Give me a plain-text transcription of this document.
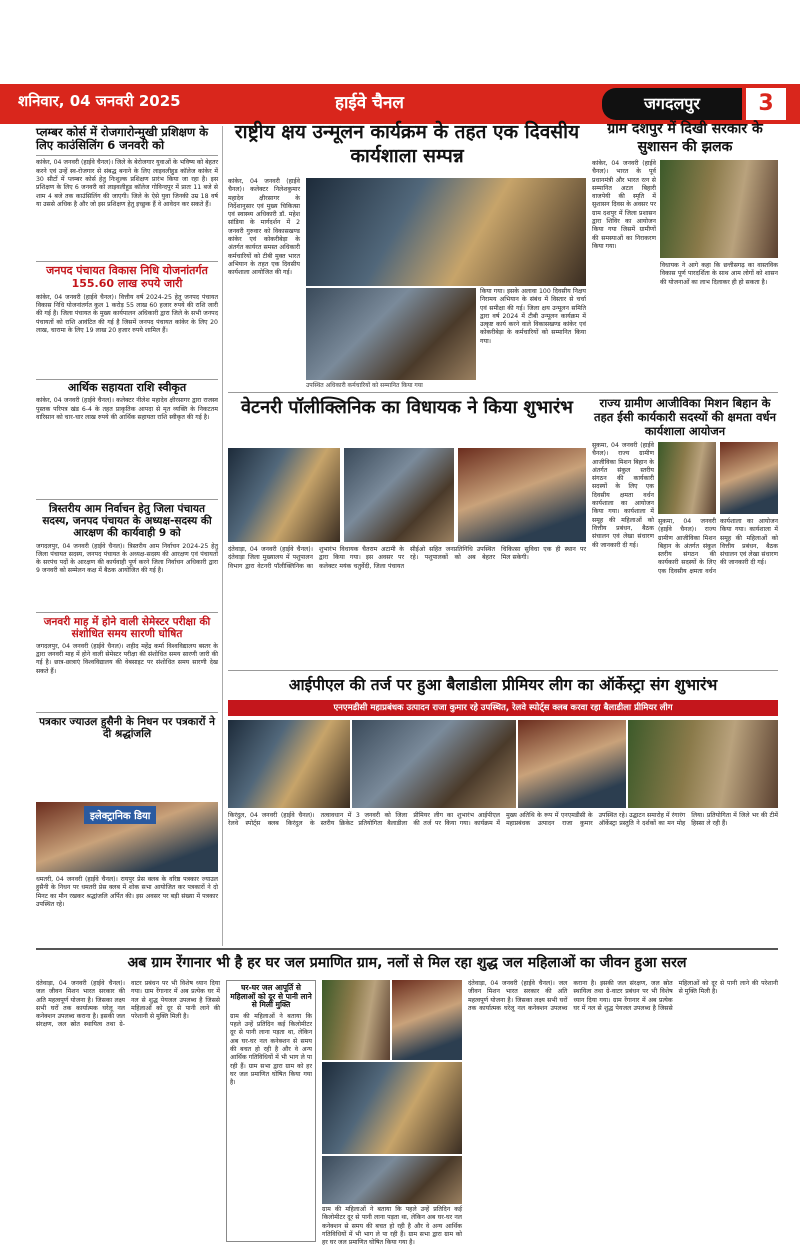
शनिवार, 04 जनवरी 2025	हाईवे चैनल	जगदलपुर	3
प्लम्बर कोर्स में रोजगारोन्मुखी प्रशिक्षण के लिए काउंसिलिंग 6 जनवरी को
कांकेर, 04 जनवरी (हाईवे चैनल)। जिले के बेरोजगार युवाओं के भविष्य को बेहतर करने एवं उन्हें स्व-रोजगार से संबद्ध बनाने के लिए लाइवलीहुड कॉलेज कांकेर में 30 सीटों में प्लम्बर कोर्स हेतु निःशुल्क प्रशिक्षण प्रारंभ किया जा रहा है। इस प्रशिक्षण के लिए 6 जनवरी को लाइवलीहुड कॉलेज गोविन्दपुर में प्रातः 11 बजे से शाम 4 बजे तक काउंसिलिंग की जाएगी। जिले के ऐसे युवा जिनकी उम्र 18 वर्ष या उससे अधिक है और जो इस प्रशिक्षण हेतु इच्छुक हैं वे आवेदन कर सकते हैं।
जनपद पंचायत विकास निधि योजनांतर्गत 155.60 लाख रुपये जारी
कांकेर, 04 जनवरी (हाईवे चैनल)। वित्तीय वर्ष 2024-25 हेतु जनपद पंचायत विकास निधि योजनांतर्गत कुल 1 करोड़ 55 लाख 60 हजार रुपये की राशि जारी की गई है। जिला पंचायत के मुख्य कार्यपालन अधिकारी द्वारा जिले के सभी जनपद पंचायतों को राशि आवंटित की गई है जिसमें जनपद पंचायत कांकेर के लिए 20 लाख, चारामा के लिए 19 लाख 20 हजार रुपये शामिल हैं।
आर्थिक सहायता राशि स्वीकृत
कांकेर, 04 जनवरी (हाईवे चैनल)। कलेक्टर नीलेश महादेव क्षीरसागर द्वारा राजस्व पुस्तक परिपत्र खंड 6-4 के तहत प्राकृतिक आपदा से मृत व्यक्ति के निकटतम वारिसान को चार-चार लाख रुपये की आर्थिक सहायता राशि स्वीकृत की गई है।
त्रिस्तरीय आम निर्वाचन हेतु जिला पंचायत सदस्य, जनपद पंचायत के अध्यक्ष-सदस्य की आरक्षण की कार्यवाही 9 को
जगदलपुर, 04 जनवरी (हाईवे चैनल)। त्रिस्तरीय आम निर्वाचन 2024-25 हेतु जिला पंचायत सदस्य, जनपद पंचायत के अध्यक्ष-सदस्य की आरक्षण एवं पंचायतों के सरपंच पदों के आरक्षण की कार्यवाही पूर्ण करने जिला निर्वाचन अधिकारी द्वारा 9 जनवरी को सम्मेलन कक्ष में बैठक आयोजित की गई है।
जनवरी माह में होने वाली सेमेस्टर परीक्षा की संशोधित समय सारणी घोषित
जगदलपुर, 04 जनवरी (हाईवे चैनल)। शहीद महेंद्र कर्मा विश्वविद्यालय बस्तर के द्वारा जनवरी माह में होने वाली सेमेस्टर परीक्षा की संशोधित समय सारणी जारी की गई है। छात्र-छात्राएं विश्वविद्यालय की वेबसाइट पर संशोधित समय सारणी देख सकते हैं।
पत्रकार ज्याउल हुसैनी के निधन पर पत्रकारों ने दी श्रद्धांजलि
इलेक्ट्रानिक डिया
धमतरी, 04 जनवरी (हाईवे चैनल)। रायपुर प्रेस क्लब के वरिष्ठ पत्रकार ज्याउल हुसैनी के निधन पर धमतरी प्रेस क्लब में शोक सभा आयोजित कर पत्रकारों ने दो मिनट का मौन रखकर श्रद्धांजलि अर्पित की। इस अवसर पर बड़ी संख्या में पत्रकार उपस्थित रहे।
राष्ट्रीय क्षय उन्मूलन कार्यक्रम के तहत एक दिवसीय कार्यशाला सम्पन्न
कांकेर, 04 जनवरी (हाईवे चैनल)। कलेक्टर निलेशकुमार महादेव क्षीरसागर के निर्देशानुसार एवं मुख्य चिकित्सा एवं स्वास्थ्य अधिकारी डॉ. महेश सांडिया के मार्गदर्शन में 2 जनवरी गुरुवार को विकासखण्ड कांकेर एवं कोकरीबेड़ा के अंतर्गत कार्यरत समस्त अधिकारी कर्मचारियों को टीबी मुक्त भारत अभियान के तहत एक दिवसीय कार्यशाला आयोजित की गई।
किया गया। इसके अलावा 100 दिवसीय निक्षय निरामय अभियान के संबंध में विस्तार से चर्चा एवं समीक्षा की गई। जिला क्षय उन्मूलन समिति द्वारा वर्ष 2024 में टीबी उन्मूलन कार्यक्रम में उत्कृष्ट कार्य करने वाले विकासखण्ड कांकेर एवं कोकरीबेड़ा के कर्मचारियों को सम्मानित किया गया।
उपस्थित अधिकारी कर्मचारियों को सम्मानित किया गया
ग्राम दशपुर में दिखी सरकार के सुशासन की झलक
कांकेर, 04 जनवरी (हाईवे चैनल)। भारत के पूर्व प्रधानमंत्री और भारत रत्न से सम्मानित अटल बिहारी वाजपेयी की स्मृति में सुशासन दिवस के अवसर पर ग्राम दशपुर में जिला प्रशासन द्वारा शिविर का आयोजन किया गया जिसमें ग्रामीणों की समस्याओं का निराकरण किया गया।
विधायक ने आगे कहा कि छत्तीसगढ़ का वास्तविक विकास पूर्ण पारदर्शिता के साथ आम लोगों को शासन की योजनाओं का लाभ दिलाकर ही हो सकता है।
वेटनरी पॉलीक्लिनिक का विधायक ने किया शुभारंभ
दंतेवाड़ा, 04 जनवरी (हाईवे चैनल)। दंतेवाड़ा जिला मुख्यालय में पशुपालन विभाग द्वारा वेटनरी पॉलीक्लिनिक का शुभारंभ विधायक चैतराम अटामी के द्वारा किया गया। इस अवसर पर कलेक्टर मयंक चतुर्वेदी, जिला पंचायत सीईओ सहित जनप्रतिनिधि उपस्थित रहे। पशुपालकों को अब बेहतर चिकित्सा सुविधा एक ही स्थान पर मिल सकेगी।
राज्य ग्रामीण आजीविका मिशन बिहान के तहत ईसी कार्यकारी सदस्यों की क्षमता वर्धन कार्यशाला आयोजन
सुकमा, 04 जनवरी (हाईवे चैनल)। राज्य ग्रामीण आजीविका मिशन बिहान के अंतर्गत संकुल स्तरीय संगठन की कार्यकारी सदस्यों के लिए एक दिवसीय क्षमता वर्धन कार्यशाला का आयोजन किया गया। कार्यशाला में समूह की महिलाओं को वित्तीय प्रबंधन, बैठक संचालन एवं लेखा संधारण की जानकारी दी गई।
सुकमा, 04 जनवरी (हाईवे चैनल)। राज्य ग्रामीण आजीविका मिशन बिहान के अंतर्गत संकुल स्तरीय संगठन की कार्यकारी सदस्यों के लिए एक दिवसीय क्षमता वर्धन कार्यशाला का आयोजन किया गया। कार्यशाला में समूह की महिलाओं को वित्तीय प्रबंधन, बैठक संचालन एवं लेखा संधारण की जानकारी दी गई।
आईपीएल की तर्ज पर हुआ बैलाडीला प्रीमियर लीग का ऑर्केस्ट्रा संग शुभारंभ
एनएमडीसी महाप्रबंधक उत्पादन राजा कुमार रहे उपस्थित, रेलवे स्पोर्ट्स क्लब करवा रहा बैलाडीला प्रीमियर लीग
किरंदुल, 04 जनवरी (हाईवे चैनल)। रेलवे स्पोर्ट्स क्लब किरंदुल के तत्वावधान में 3 जनवरी को जिला स्तरीय क्रिकेट प्रतियोगिता बैलाडीला प्रीमियर लीग का शुभारंभ आईपीएल की तर्ज पर किया गया। कार्यक्रम में मुख्य अतिथि के रूप में एनएमडीसी के महाप्रबंधक उत्पादन राजा कुमार उपस्थित रहे। उद्घाटन समारोह में रंगारंग ऑर्केस्ट्रा प्रस्तुति ने दर्शकों का मन मोह लिया। प्रतियोगिता में जिले भर की टीमें हिस्सा ले रही हैं।
अब ग्राम रेंगानार भी है हर घर जल प्रमाणित ग्राम, नलों से मिल रहा शुद्ध जल महिलाओं का जीवन हुआ सरल
दंतेवाड़ा, 04 जनवरी (हाईवे चैनल)। जल जीवन मिशन भारत सरकार की अति महत्वपूर्ण योजना है। जिसका लक्ष्य सभी घरों तक कार्यात्मक घरेलू नल कनेक्शन उपलब्ध कराना है। इसकी जल संरक्षण, जल स्रोत स्थायित्व तथा ग्रे-वाटर प्रबंधन पर भी विशेष ध्यान दिया गया। ग्राम रेंगानार में अब प्रत्येक घर में नल से शुद्ध पेयजल उपलब्ध है जिससे महिलाओं को दूर से पानी लाने की परेशानी से मुक्ति मिली है।
घर-घर जल आपूर्ति से महिलाओं को दूर से पानी लाने से मिली मुक्ति
ग्राम की महिलाओं ने बताया कि पहले उन्हें प्रतिदिन कई किलोमीटर दूर से पानी लाना पड़ता था, लेकिन अब घर-घर नल कनेक्शन से समय की बचत हो रही है और वे अन्य आर्थिक गतिविधियों में भी भाग ले पा रही हैं। ग्राम सभा द्वारा ग्राम को हर घर जल प्रमाणित घोषित किया गया है।
ग्राम की महिलाओं ने बताया कि पहले उन्हें प्रतिदिन कई किलोमीटर दूर से पानी लाना पड़ता था, लेकिन अब घर-घर नल कनेक्शन से समय की बचत हो रही है और वे अन्य आर्थिक गतिविधियों में भी भाग ले पा रही हैं। ग्राम सभा द्वारा ग्राम को हर घर जल प्रमाणित घोषित किया गया है।
दंतेवाड़ा, 04 जनवरी (हाईवे चैनल)। जल जीवन मिशन भारत सरकार की अति महत्वपूर्ण योजना है। जिसका लक्ष्य सभी घरों तक कार्यात्मक घरेलू नल कनेक्शन उपलब्ध कराना है। इसकी जल संरक्षण, जल स्रोत स्थायित्व तथा ग्रे-वाटर प्रबंधन पर भी विशेष ध्यान दिया गया। ग्राम रेंगानार में अब प्रत्येक घर में नल से शुद्ध पेयजल उपलब्ध है जिससे महिलाओं को दूर से पानी लाने की परेशानी से मुक्ति मिली है।
